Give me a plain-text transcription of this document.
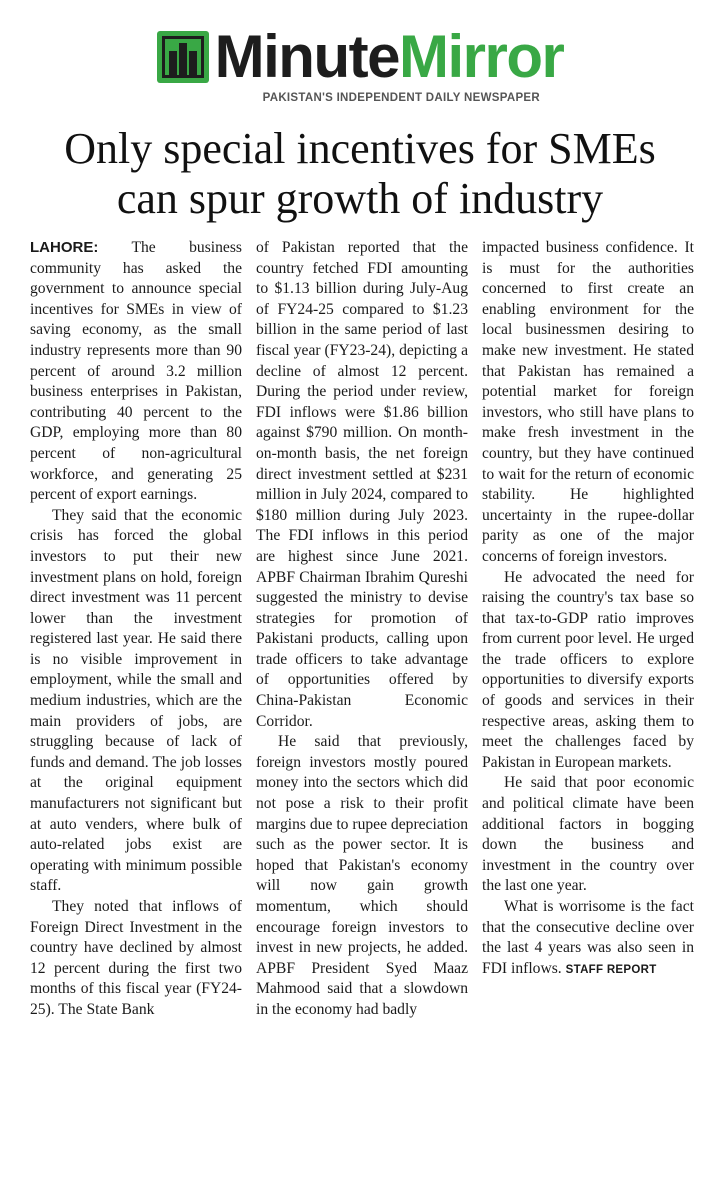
MinuteMirror
PAKISTAN'S INDEPENDENT DAILY NEWSPAPER
Only special incentives for SMEs
can spur growth of industry

LAHORE: The business community has asked the government to announce special incentives for SMEs in view of saving economy, as the small industry represents more than 90 percent of around 3.2 million business enterprises in Pakistan, contributing 40 percent to the GDP, employing more than 80 percent of non-agricultural workforce, and generating 25 percent of export earnings.

They said that the economic crisis has forced the global investors to put their new investment plans on hold, foreign direct investment was 11 percent lower than the investment registered last year. He said there is no visible improvement in employment, while the small and medium industries, which are the main providers of jobs, are struggling because of lack of funds and demand. The job losses at the original equipment manufacturers not significant but at auto venders, where bulk of auto-related jobs exist are operating with minimum possible staff.

They noted that inflows of Foreign Direct Investment in the country have declined by almost 12 percent during the first two months of this fiscal year (FY24-25). The State Bank

of Pakistan reported that the country fetched FDI amounting to $1.13 billion during July-Aug of FY24-25 compared to $1.23 billion in the same period of last fiscal year (FY23-24), depicting a decline of almost 12 percent. During the period under review, FDI inflows were $1.86 billion against $790 million. On month-on-month basis, the net foreign direct investment settled at $231 million in July 2024, compared to $180 million during July 2023. The FDI inflows in this period are highest since June 2021. APBF Chairman Ibrahim Qureshi suggested the ministry to devise strategies for promotion of Pakistani products, calling upon trade officers to take advantage of opportunities offered by China-Pakistan Economic Corridor.

He said that previously, foreign investors mostly poured money into the sectors which did not pose a risk to their profit margins due to rupee depreciation such as the power sector. It is hoped that Pakistan's economy will now gain growth momentum, which should encourage foreign investors to invest in new projects, he added. APBF President Syed Maaz Mahmood said that a slowdown in the economy had badly

impacted business confidence. It is must for the authorities concerned to first create an enabling environment for the local businessmen desiring to make new investment. He stated that Pakistan has remained a potential market for foreign investors, who still have plans to make fresh investment in the country, but they have continued to wait for the return of economic stability. He highlighted uncertainty in the rupee-dollar parity as one of the major concerns of foreign investors.

He advocated the need for raising the country's tax base so that tax-to-GDP ratio improves from current poor level. He urged the trade officers to explore opportunities to diversify exports of goods and services in their respective areas, asking them to meet the challenges faced by Pakistan in European markets.

He said that poor economic and political climate have been additional factors in bogging down the business and investment in the country over the last one year.

What is worrisome is the fact that the consecutive decline over the last 4 years was also seen in FDI inflows. STAFF REPORT
